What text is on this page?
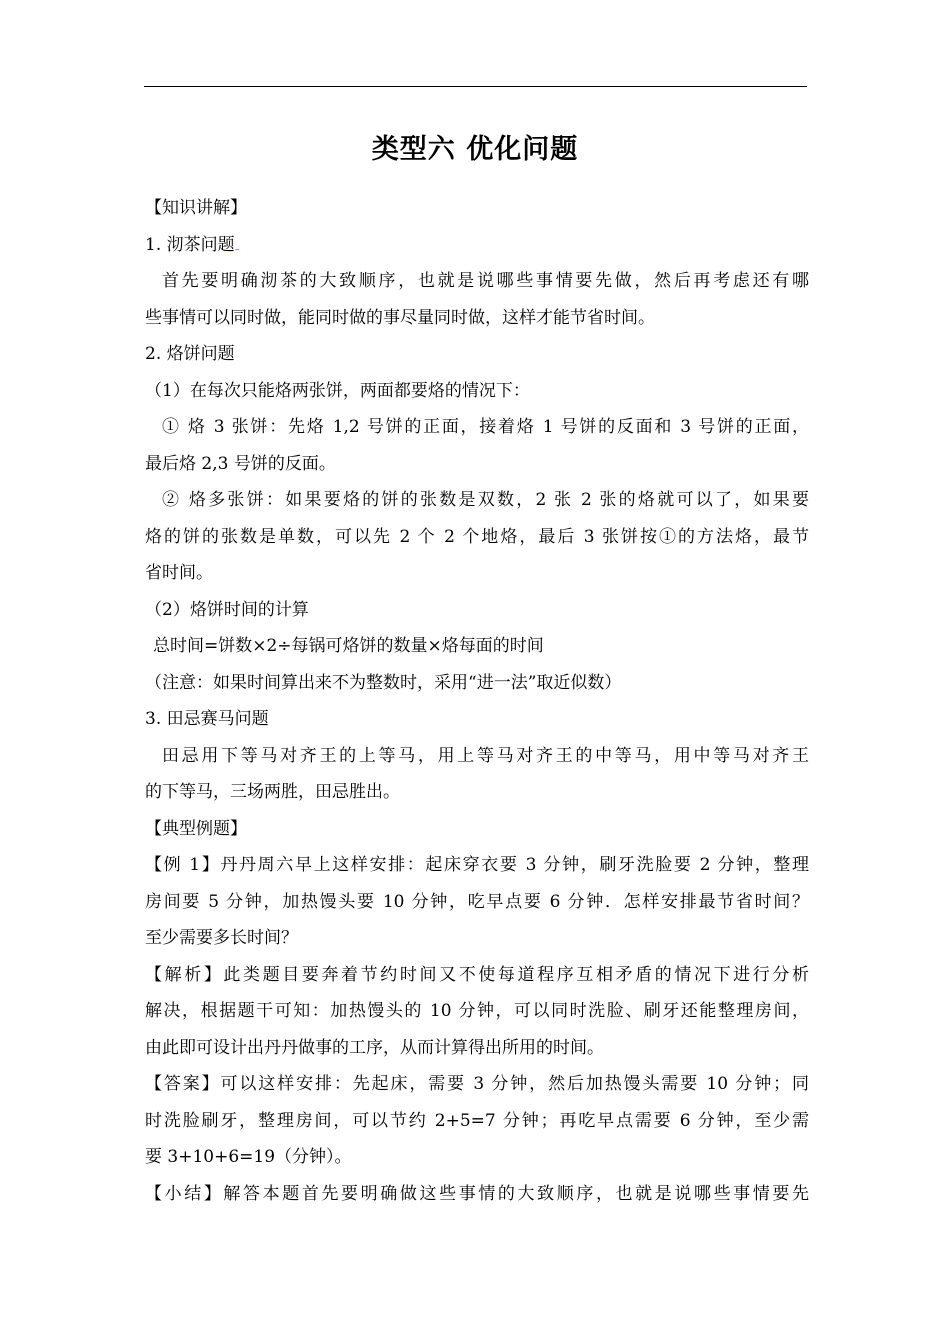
类型六 优化问题
【知识讲解】
1. 沏茶问题
首先要明确沏茶的大致顺序，也就是说哪些事情要先做，然后再考虑还有哪
些事情可以同时做，能同时做的事尽量同时做，这样才能节省时间。
2. 烙饼问题
（1）在每次只能烙两张饼，两面都要烙的情况下：
① 烙 3 张饼：先烙 1,2 号饼的正面，接着烙 1 号饼的反面和 3 号饼的正面，
最后烙 2,3 号饼的反面。
② 烙多张饼：如果要烙的饼的张数是双数，2 张 2 张的烙就可以了，如果要
烙的饼的张数是单数，可以先 2 个 2 个地烙，最后 3 张饼按①的方法烙，最节
省时间。
（2）烙饼时间的计算
总时间=饼数×2÷每锅可烙饼的数量×烙每面的时间
（注意：如果时间算出来不为整数时，采用“进一法”取近似数）
3. 田忌赛马问题
田忌用下等马对齐王的上等马，用上等马对齐王的中等马，用中等马对齐王
的下等马，三场两胜，田忌胜出。
【典型例题】
【例 1】丹丹周六早上这样安排：起床穿衣要 3 分钟，刷牙洗脸要 2 分钟，整理
房间要 5 分钟，加热馒头要 10 分钟，吃早点要 6 分钟．怎样安排最节省时间？
至少需要多长时间？
【解析】此类题目要奔着节约时间又不使每道程序互相矛盾的情况下进行分析
解决，根据题干可知：加热馒头的 10 分钟，可以同时洗脸、刷牙还能整理房间，
由此即可设计出丹丹做事的工序，从而计算得出所用的时间。
【答案】可以这样安排：先起床，需要 3 分钟，然后加热馒头需要 10 分钟；同
时洗脸刷牙，整理房间，可以节约 2+5=7 分钟；再吃早点需要 6 分钟，至少需
要 3+10+6=19（分钟）。
【小结】解答本题首先要明确做这些事情的大致顺序，也就是说哪些事情要先
